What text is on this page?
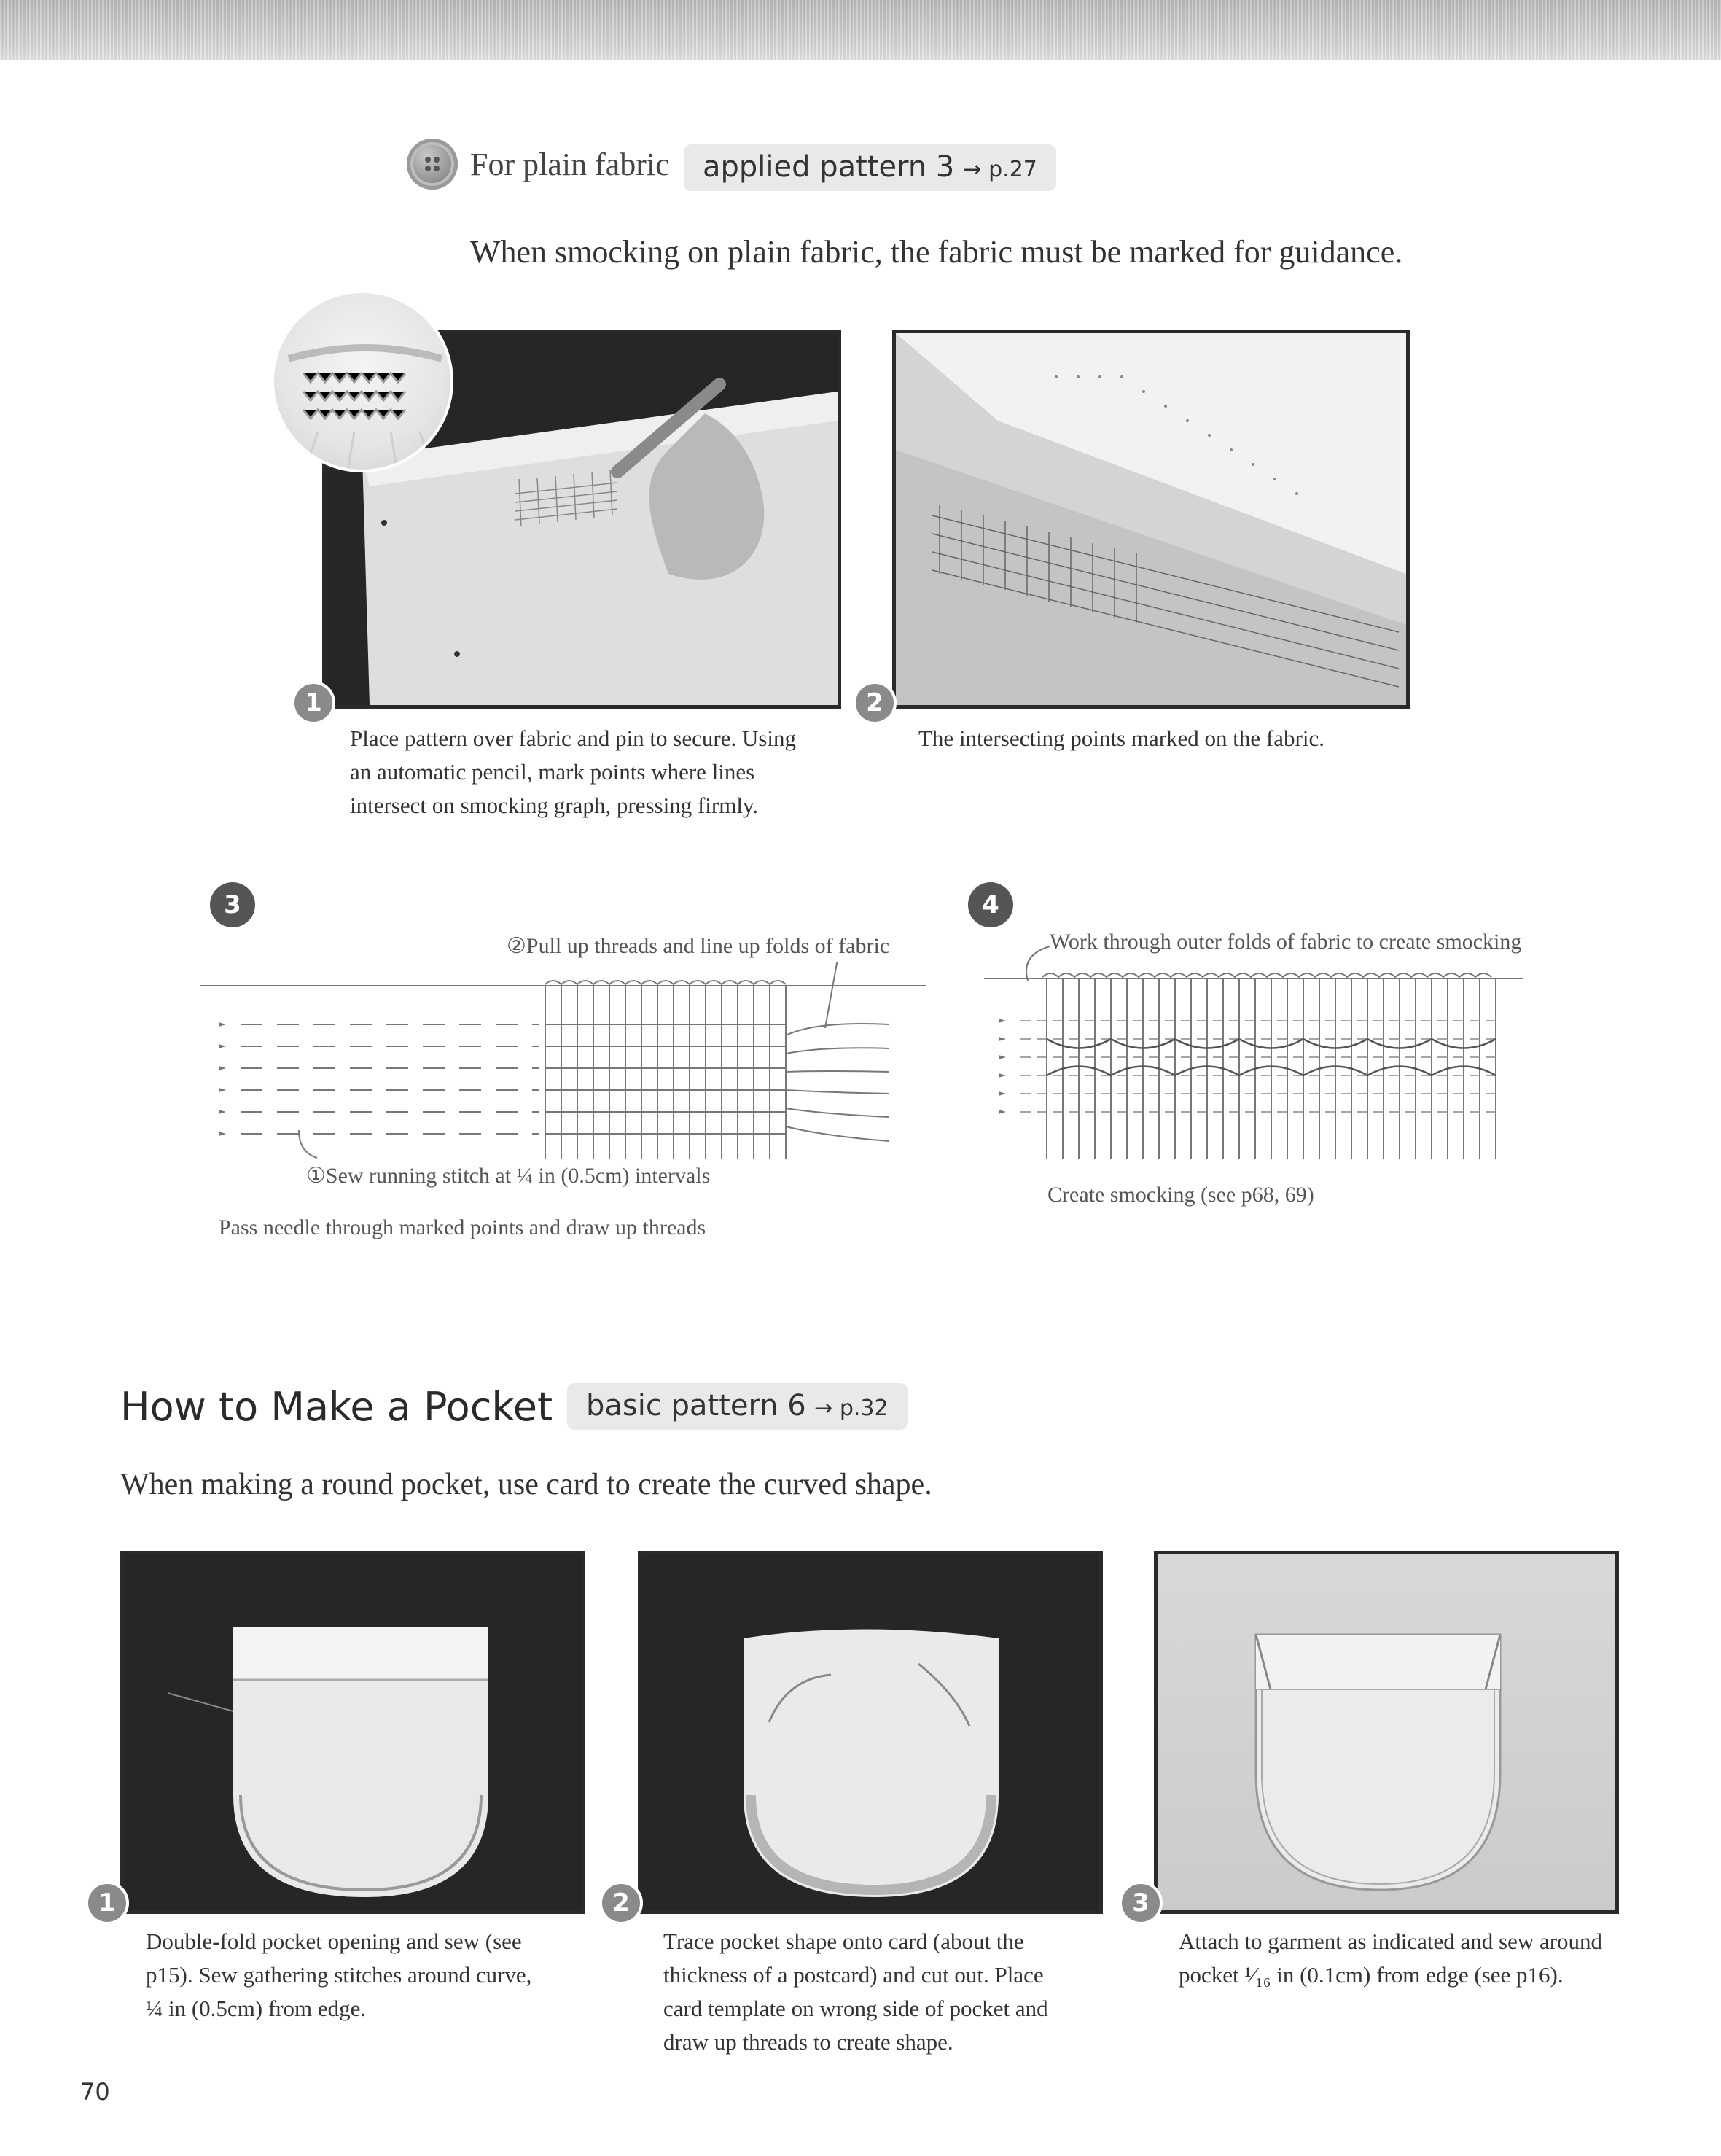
For plain fabric	applied pattern 3 → p.27
When smocking on plain fabric, the fabric must be marked for guidance.
1
Place pattern over fabric and pin to secure. Using
an automatic pencil, mark points where lines
intersect on smocking graph, pressing firmly.
2
The intersecting points marked on the fabric.
3
②Pull up threads and line up folds of fabric
①Sew running stitch at ¼ in (0.5cm) intervals
Pass needle through marked points and draw up threads
4
Work through outer folds of fabric to create smocking
Create smocking (see p68, 69)
How to Make a Pocket	basic pattern 6 → p.32
When making a round pocket, use card to create the curved shape.
1
Double-fold pocket opening and sew (see
p15). Sew gathering stitches around curve,
¼ in (0.5cm) from edge.
2
Trace pocket shape onto card (about the
thickness of a postcard) and cut out. Place
card template on wrong side of pocket and
draw up threads to create shape.
3
Attach to garment as indicated and sew around
pocket ¹⁄₁₆ in (0.1cm) from edge (see p16).
70
